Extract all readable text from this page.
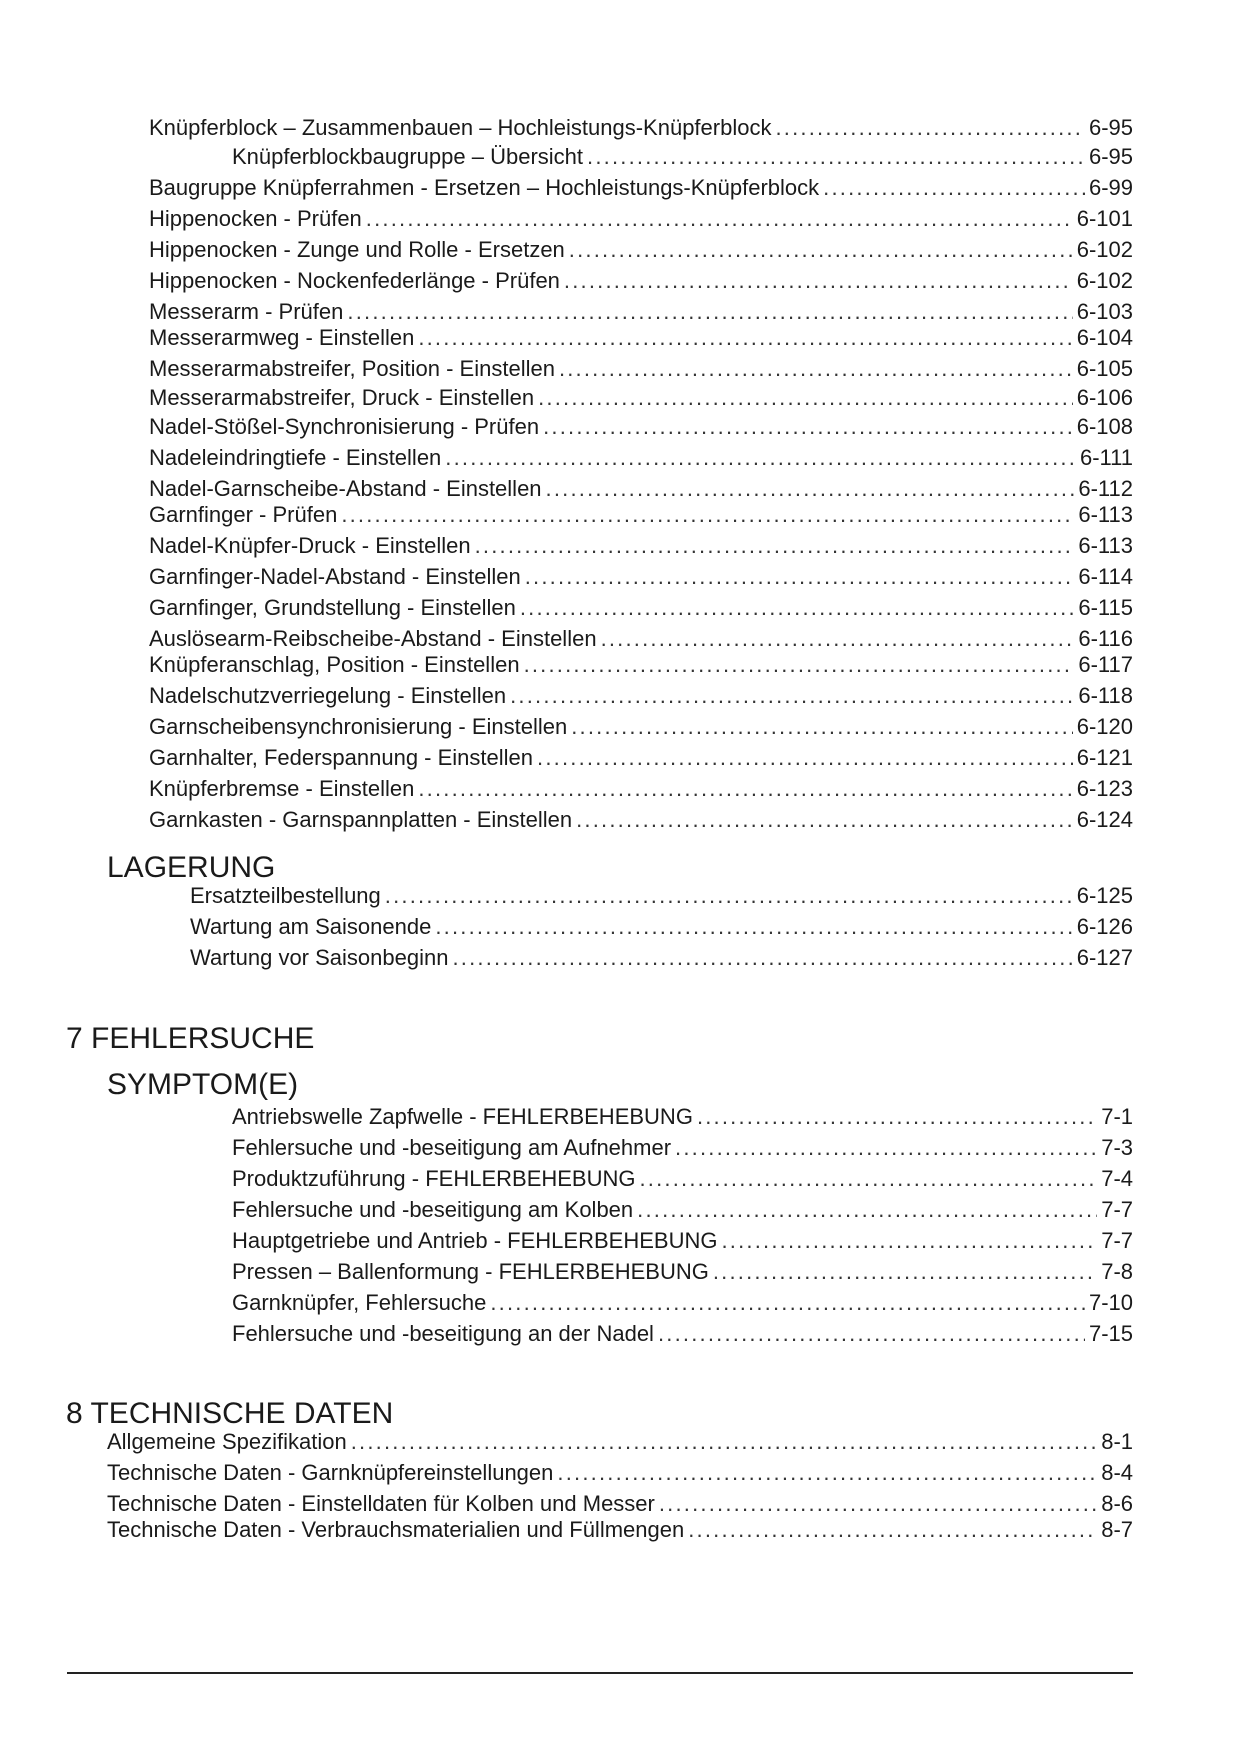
Knüpferblock – Zusammenbauen – Hochleistungs-Knüpferblock .....	6-95
Knüpferblockbaugruppe – Übersicht .....	6-95
Baugruppe Knüpferrahmen - Ersetzen – Hochleistungs-Knüpferblock .....	6-99
Hippenocken - Prüfen .....	6-101
Hippenocken - Zunge und Rolle - Ersetzen .....	6-102
Hippenocken - Nockenfederlänge - Prüfen .....	6-102
Messerarm - Prüfen .....	6-103
Messerarmweg - Einstellen .....	6-104
Messerarmabstreifer, Position - Einstellen .....	6-105
Messerarmabstreifer, Druck - Einstellen .....	6-106
Nadel-Stößel-Synchronisierung - Prüfen .....	6-108
Nadeleindringtiefe - Einstellen .....	6-111
Nadel-Garnscheibe-Abstand - Einstellen .....	6-112
Garnfinger - Prüfen .....	6-113
Nadel-Knüpfer-Druck - Einstellen .....	6-113
Garnfinger-Nadel-Abstand - Einstellen .....	6-114
Garnfinger, Grundstellung - Einstellen .....	6-115
Auslösearm-Reibscheibe-Abstand - Einstellen .....	6-116
Knüpferanschlag, Position - Einstellen .....	6-117
Nadelschutzverriegelung - Einstellen .....	6-118
Garnscheibensynchronisierung - Einstellen .....	6-120
Garnhalter, Federspannung - Einstellen .....	6-121
Knüpferbremse - Einstellen .....	6-123
Garnkasten - Garnspannplatten - Einstellen .....	6-124
LAGERUNG
Ersatzteilbestellung .....	6-125
Wartung am Saisonende .....	6-126
Wartung vor Saisonbeginn .....	6-127
7 FEHLERSUCHE
SYMPTOM(E)
Antriebswelle Zapfwelle - FEHLERBEHEBUNG .....	7-1
Fehlersuche und -beseitigung am Aufnehmer .....	7-3
Produktzuführung - FEHLERBEHEBUNG .....	7-4
Fehlersuche und -beseitigung am Kolben .....	7-7
Hauptgetriebe und Antrieb - FEHLERBEHEBUNG .....	7-7
Pressen – Ballenformung - FEHLERBEHEBUNG .....	7-8
Garnknüpfer, Fehlersuche .....	7-10
Fehlersuche und -beseitigung an der Nadel .....	7-15
8 TECHNISCHE DATEN
Allgemeine Spezifikation .....	8-1
Technische Daten - Garnknüpfereinstellungen .....	8-4
Technische Daten - Einstelldaten für Kolben und Messer .....	8-6
Technische Daten - Verbrauchsmaterialien und Füllmengen .....	8-7
